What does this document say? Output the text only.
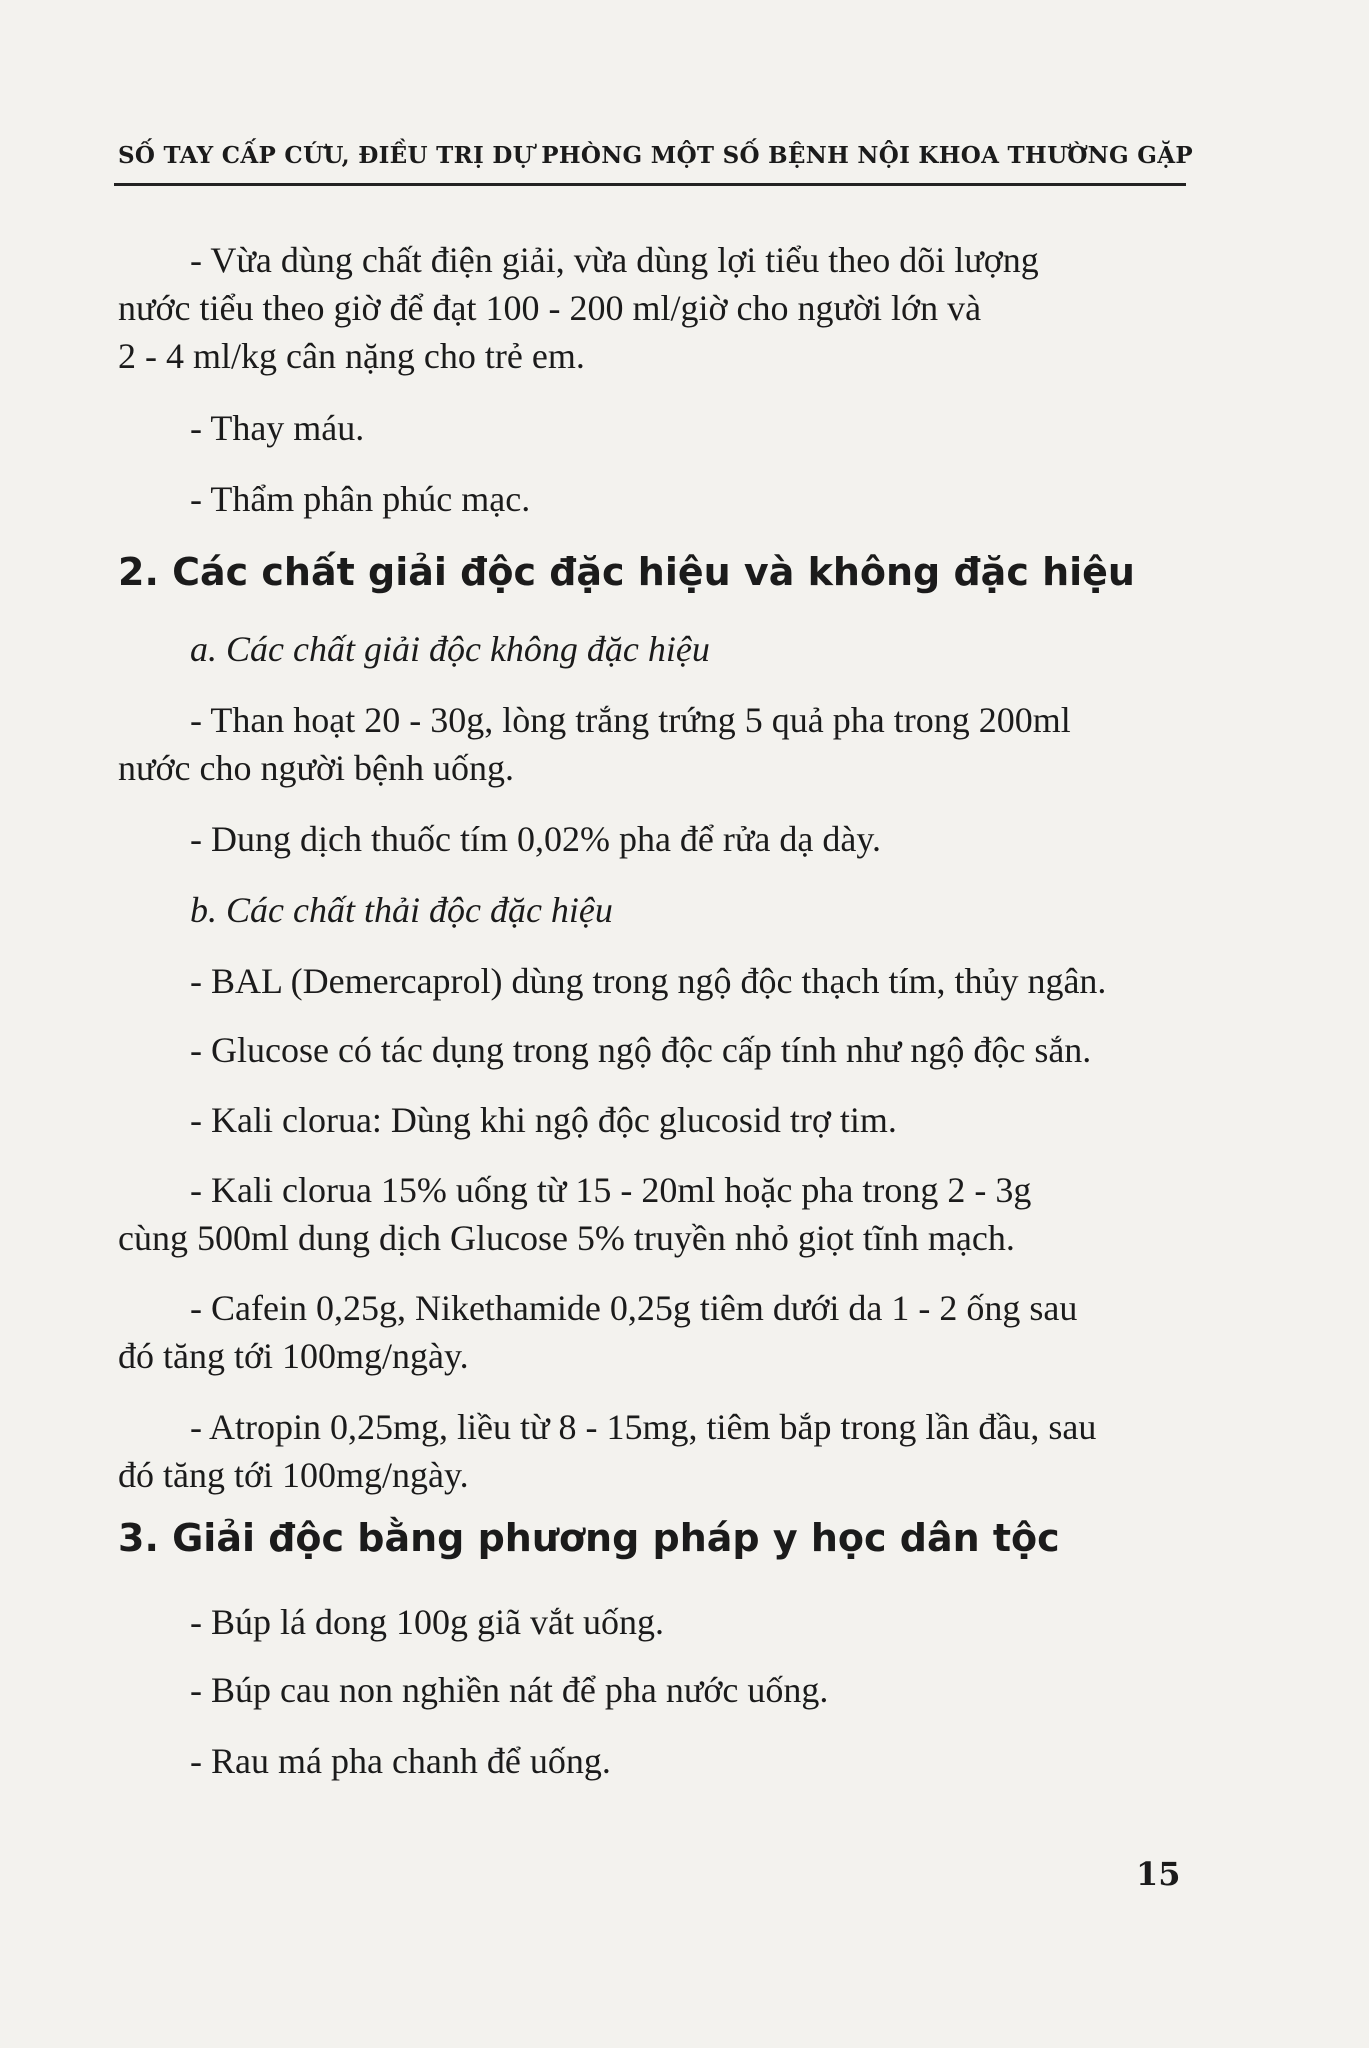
SỐ TAY CẤP CỨU, ĐIỀU TRỊ DỰ PHÒNG MỘT SỐ BỆNH NỘI KHOA THƯỜNG GẶP
- Vừa dùng chất điện giải, vừa dùng lợi tiểu theo dõi lượng
nước tiểu theo giờ để đạt 100 - 200 ml/giờ cho người lớn và
2 - 4 ml/kg cân nặng cho trẻ em.
- Thay máu.
- Thẩm phân phúc mạc.
2. Các chất giải độc đặc hiệu và không đặc hiệu
a. Các chất giải độc không đặc hiệu
- Than hoạt 20 - 30g, lòng trắng trứng 5 quả pha trong 200ml
nước cho người bệnh uống.
- Dung dịch thuốc tím 0,02% pha để rửa dạ dày.
b. Các chất thải độc đặc hiệu
- BAL (Demercaprol) dùng trong ngộ độc thạch tím, thủy ngân.
- Glucose có tác dụng trong ngộ độc cấp tính như ngộ độc sắn.
- Kali clorua: Dùng khi ngộ độc glucosid trợ tim.
- Kali clorua 15% uống từ 15 - 20ml hoặc pha trong 2 - 3g
cùng 500ml dung dịch Glucose 5% truyền nhỏ giọt tĩnh mạch.
- Cafein 0,25g, Nikethamide 0,25g tiêm dưới da 1 - 2 ống sau
đó tăng tới 100mg/ngày.
- Atropin 0,25mg, liều từ 8 - 15mg, tiêm bắp trong lần đầu, sau
đó tăng tới 100mg/ngày.
3. Giải độc bằng phương pháp y học dân tộc
- Búp lá dong 100g giã vắt uống.
- Búp cau non nghiền nát để pha nước uống.
- Rau má pha chanh để uống.
15
